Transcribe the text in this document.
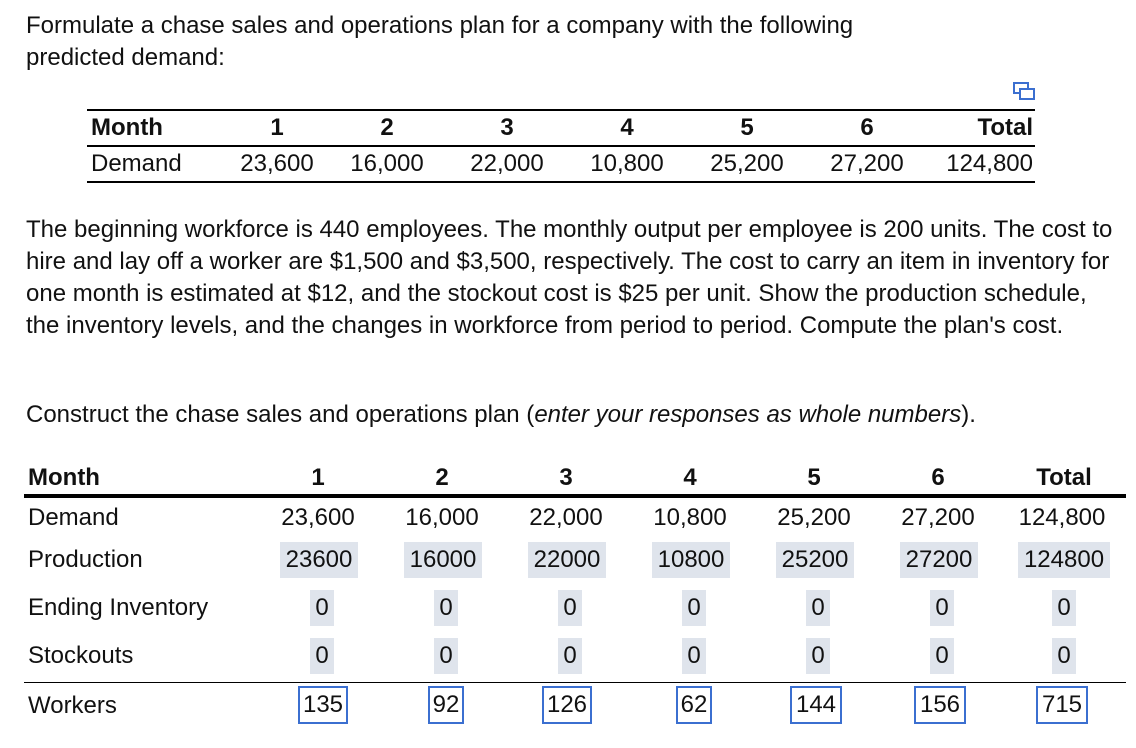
Formulate a chase sales and operations plan for a company with the following predicted demand:
Month	1	2	3	4	5	6	Total
Demand	23,600	16,000	22,000	10,800	25,200	27,200	124,800
The beginning workforce is 440 employees. The monthly output per employee is 200 units. The cost to hire and lay off a worker are $1,500 and $3,500, respectively. The cost to carry an item in inventory for one month is estimated at $12, and the stockout cost is $25 per unit. Show the production schedule, the inventory levels, and the changes in workforce from period to period. Compute the plan's cost.
Construct the chase sales and operations plan (enter your responses as whole numbers).
Month	1	2	3	4	5	6	Total
Demand	23,600	16,000	22,000	10,800	25,200	27,200	124,800
Production	23600 16000 22000 10800 25200 27200 124800
Ending Inventory	0	0	0	0	0	0	0
Stockouts	0	0	0	0	0	0	0
Workers	135	92	126	62	144	156	715
